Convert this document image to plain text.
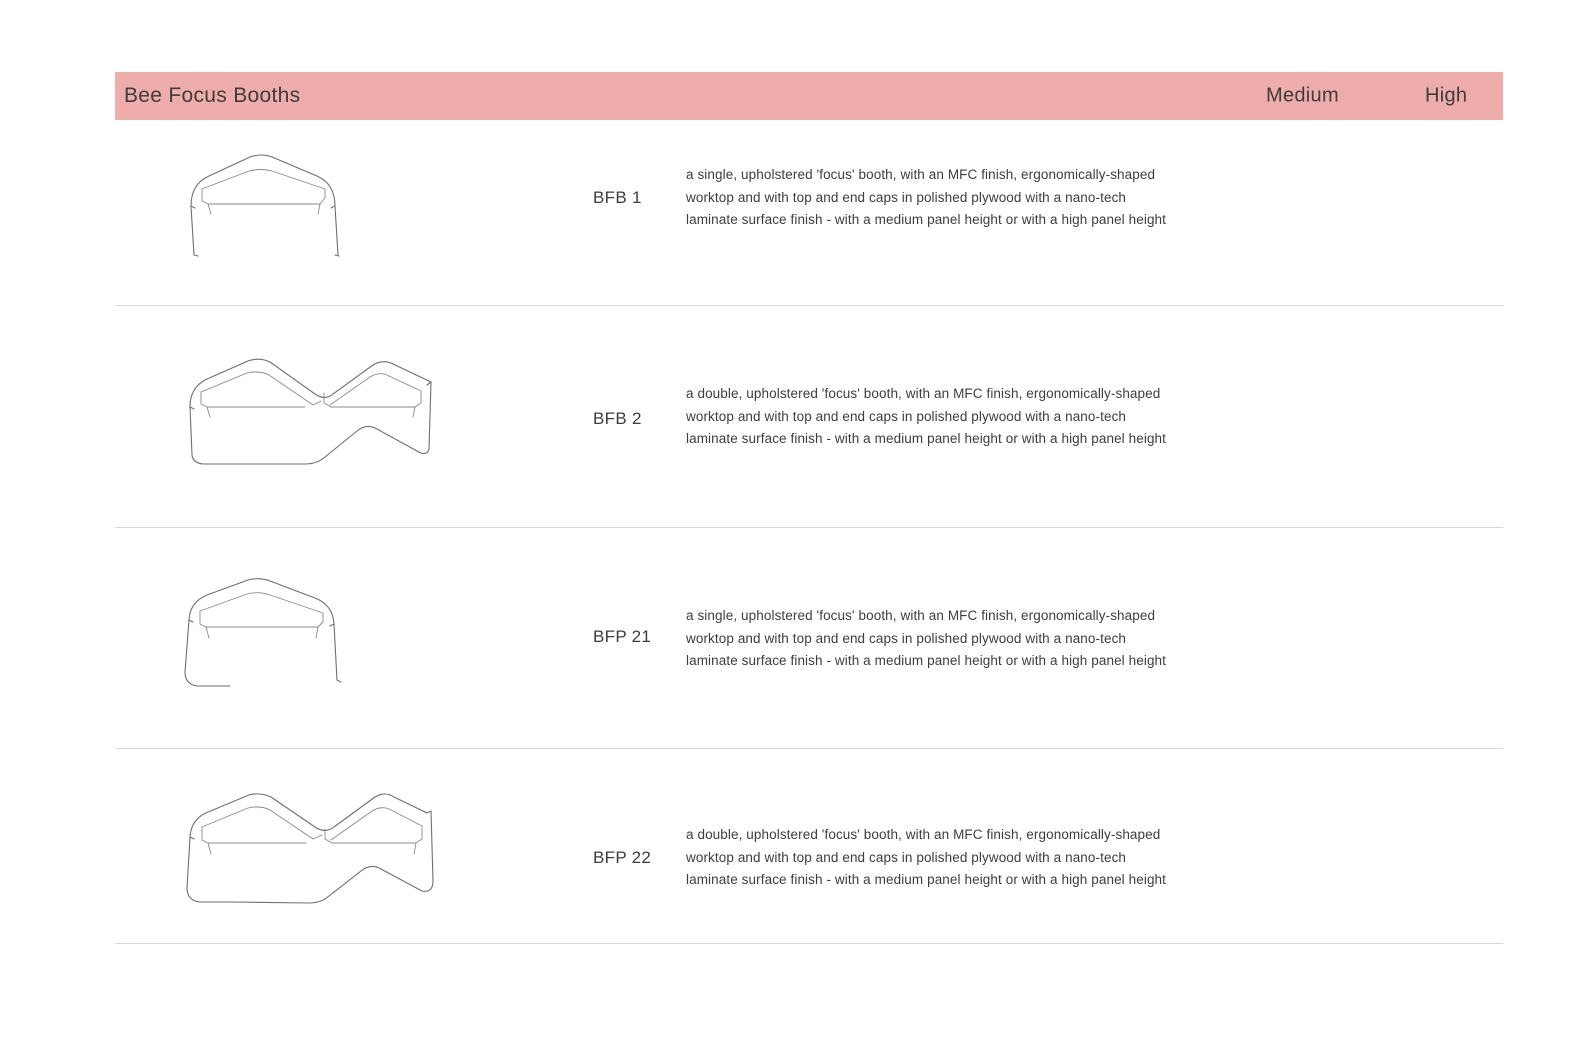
Bee Focus Booths	Medium	High
BFB 1
a single, upholstered 'focus' booth, with an MFC finish, ergonomically-shaped
worktop and with top and end caps in polished plywood with a nano-tech
laminate surface finish - with a medium panel height or with a high panel height
BFB 2
a double, upholstered 'focus' booth, with an MFC finish, ergonomically-shaped
worktop and with top and end caps in polished plywood with a nano-tech
laminate surface finish - with a medium panel height or with a high panel height
BFP 21
a single, upholstered 'focus' booth, with an MFC finish, ergonomically-shaped
worktop and with top and end caps in polished plywood with a nano-tech
laminate surface finish - with a medium panel height or with a high panel height
BFP 22
a double, upholstered 'focus' booth, with an MFC finish, ergonomically-shaped
worktop and with top and end caps in polished plywood with a nano-tech
laminate surface finish - with a medium panel height or with a high panel height
